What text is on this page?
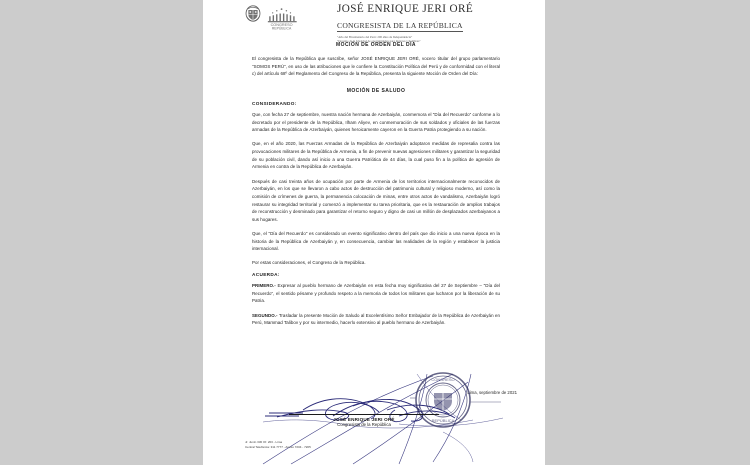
CONGRESO
REPÚBLICA
JOSÉ ENRIQUE JERI ORÉ
CONGRESISTA DE LA REPÚBLICA
"Año del Bicentenario del Perú: 200 años de Independencia"
"Decenio de la Igualdad de oportunidades para mujeres y hombres"
MOCIÓN DE ORDEN DEL DÍA

El congresista de la República que suscribe, señor JOSÉ ENRIQUE JERI ORÉ, vocero titular del grupo parlamentario "SOMOS PERÚ", en uso de las atribuciones que le confiere la Constitución Política del Perú y de conformidad con el literal c) del artículo 68º del Reglamento del Congreso de la República, presenta la siguiente Moción de Orden del Día:

MOCIÓN DE SALUDO
CONSIDERANDO:

Que, con fecha 27 de septiembre, nuestra nación hermana de Azerbaiyán, conmemora el "Día del Recuerdo" conforme a lo decretado por el presidente de la República, Ilham Aliyev, en conmemoración de sus soldados y oficiales de las fuerzas armadas de la República de Azerbaiyán, quienes heroicamente cayeron en la Guerra Patria protegiendo a su nación.

Que, en el año 2020, las Fuerzas Armadas de la República de Azerbaiyán adoptaron medidas de represalia contra las provocaciones militares de la República de Armenia, a fin de prevenir nuevas agresiones militares y garantizar la seguridad de su población civil, dando así inicio a una Guerra Patriótica de 44 días, la cual puso fin a la política de agresión de Armenia en contra de la República de Azerbaiyán.

Después de casi treinta años de ocupación por parte de Armenia de los territorios internacionalmente reconocidos de Azerbaiyán, en los que se llevaron a cabo actos de destrucción del patrimonio cultural y religioso moderno, así como la comisión de crímenes de guerra, la permanencia colocación de minas, entre otros actos de vandalismo, Azerbaiyán logró restaurar su integridad territorial y comenzó a implementar su tarea prioritaria, que es la restauración de amplios trabajos de reconstrucción y desminado para garantizar el retorno seguro y digno de casi un millón de desplazados azerbaiyanos a sus hogares.

Que, el "Día del Recuerdo" es considerado un evento significativo dentro del país que dio inicio a una nueva época en la historia de la República de Azerbaiyán y, en consecuencia, cambiar las realidades de la región y establecer la justicia internacional.

Por estas consideraciones, el Congreso de la República.

ACUERDA:

PRIMERO.- Expresar al pueblo hermano de Azerbaiyán en esta fecha muy significativa del 27 de Septiembre – "Día del Recuerdo", el sentido pésame y profundo respeto a la memoria de todos los militares que lucharon por la liberación de su Patria.

SEGUNDO.- Trasladar la presente Moción de Saludo al Excelentísimo Señor Embajador de la República de Azerbaiyán en Perú, Mammad Talibov y por su intermedio, hacerlo extensivo al pueblo hermano de Azerbaiyán.

Lima, septiembre de 2021
CONGRESO
REPÚBLICA
JOSÉ ENRIQUE JERI ORÉ
Congresista de la República
Jr. Junín 330 Of. 203 - Lima
Central Telefónica: 311 7777 - Anexo 7204 - 7205
